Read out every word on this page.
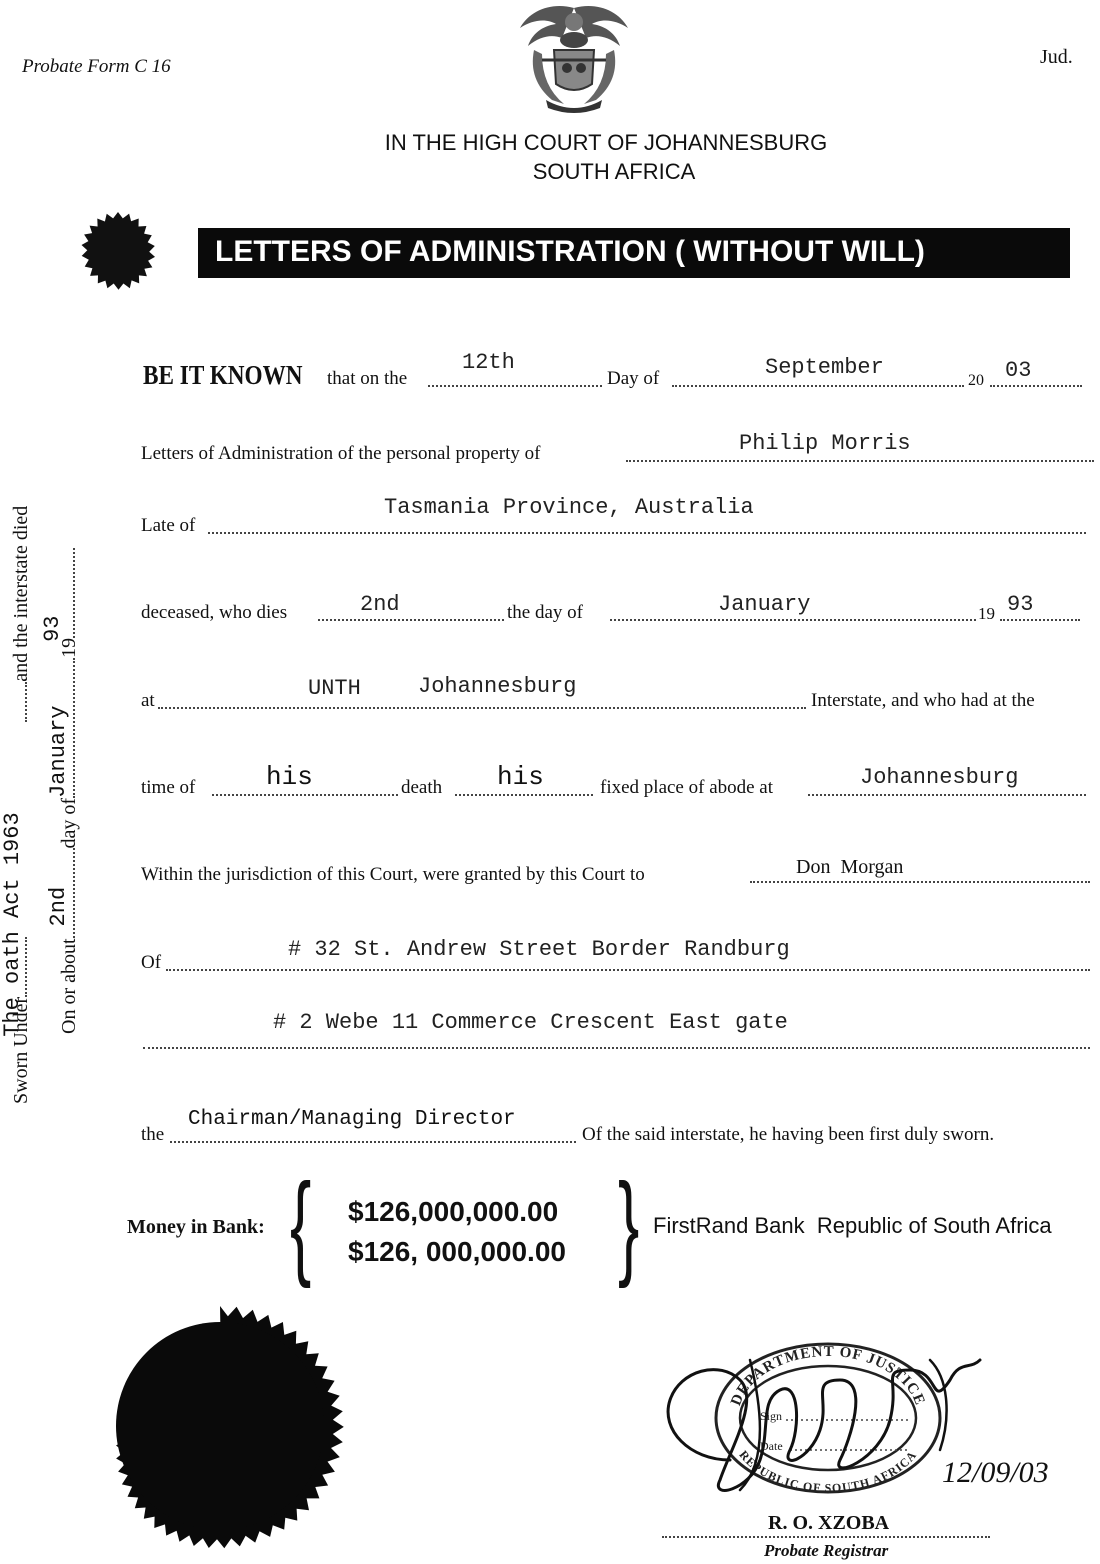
Probate Form C 16	Jud.
IN THE HIGH COURT OF JOHANNESBURG
SOUTH AFRICA
LETTERS OF ADMINISTRATION ( WITHOUT WILL)
Sworn Under
The oath Act 1963
and the interstate died
On or about
2nd
day of
January
19
93
BE IT KNOWN that on the
12th
Day of	September
20 03
Letters of Administration of the personal property of	Philip Morris
Late of
Tasmania Province, Australia
deceased, who dies	2nd	the day of	January	19 93
at	UNTH	Johannesburg
Interstate, and who had at the
time of	his	death his	fixed place of abode at	Johannesburg
Within the jurisdiction of this Court, were granted by this Court to	Don  Morgan
Of
# 32 St. Andrew Street Border Randburg
# 2 Webe 11 Commerce Crescent East gate
the
Chairman/Managing Director
Of the said interstate, he having been first duly sworn.
Money in Bank: { $126,000,000.00
$126, 000,000.00 } FirstRand Bank  Republic of South Africa
DEPARTMENT OF JUSTICE
REPUBLIC OF SOUTH AFRICA
Sign
Date
12/09/03
R. O. XZOBA
Probate Registrar
